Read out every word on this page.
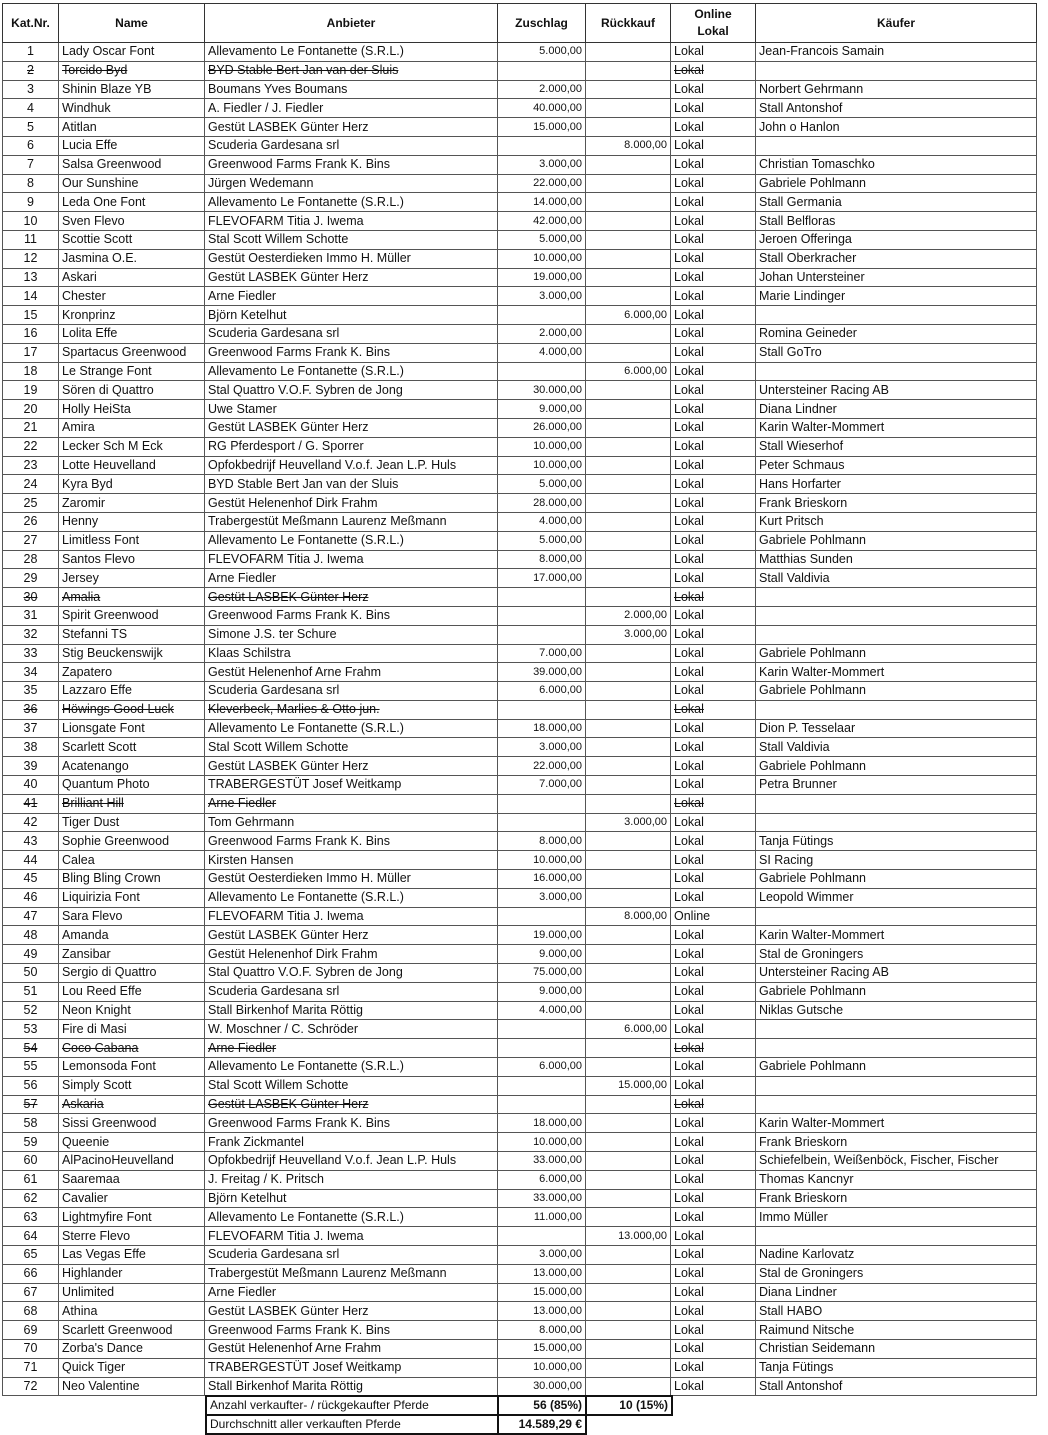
Kat.Nr.	Name	Anbieter	Zuschlag	Rückkauf	Online
Lokal	Käufer
1	Lady Oscar Font	Allevamento Le Fontanette (S.R.L.)	5.000,00		Lokal	Jean-Francois Samain
2	Torcido Byd	BYD Stable Bert Jan van der Sluis			Lokal	
3	Shinin Blaze YB	Boumans Yves Boumans	2.000,00		Lokal	Norbert Gehrmann
4	Windhuk	A. Fiedler / J. Fiedler	40.000,00		Lokal	Stall Antonshof
5	Atitlan	Gestüt LASBEK Günter Herz	15.000,00		Lokal	John o Hanlon
6	Lucia Effe	Scuderia Gardesana srl		8.000,00	Lokal	
7	Salsa Greenwood	Greenwood Farms Frank K. Bins	3.000,00		Lokal	Christian Tomaschko
8	Our Sunshine	Jürgen Wedemann	22.000,00		Lokal	Gabriele Pohlmann
9	Leda One Font	Allevamento Le Fontanette (S.R.L.)	14.000,00		Lokal	Stall Germania
10	Sven Flevo	FLEVOFARM Titia J. Iwema	42.000,00		Lokal	Stall Belfloras
11	Scottie Scott	Stal Scott Willem Schotte	5.000,00		Lokal	Jeroen Offeringa
12	Jasmina O.E.	Gestüt Oesterdieken Immo H. Müller	10.000,00		Lokal	Stall Oberkracher
13	Askari	Gestüt LASBEK Günter Herz	19.000,00		Lokal	Johan Untersteiner
14	Chester	Arne Fiedler	3.000,00		Lokal	Marie Lindinger
15	Kronprinz	Björn Ketelhut		6.000,00	Lokal	
16	Lolita Effe	Scuderia Gardesana srl	2.000,00		Lokal	Romina Geineder
17	Spartacus Greenwood	Greenwood Farms Frank K. Bins	4.000,00		Lokal	Stall GoTro
18	Le Strange Font	Allevamento Le Fontanette (S.R.L.)		6.000,00	Lokal	
19	Sören di Quattro	Stal Quattro V.O.F. Sybren de Jong	30.000,00		Lokal	Untersteiner Racing AB
20	Holly HeiSta	Uwe Stamer	9.000,00		Lokal	Diana Lindner
21	Amira	Gestüt LASBEK Günter Herz	26.000,00		Lokal	Karin Walter-Mommert
22	Lecker Sch M Eck	RG Pferdesport / G. Sporrer	10.000,00		Lokal	Stall Wieserhof
23	Lotte Heuvelland	Opfokbedrijf Heuvelland V.o.f. Jean L.P. Huls	10.000,00		Lokal	Peter Schmaus
24	Kyra Byd	BYD Stable Bert Jan van der Sluis	5.000,00		Lokal	Hans Horfarter
25	Zaromir	Gestüt Helenenhof Dirk Frahm	28.000,00		Lokal	Frank Brieskorn
26	Henny	Trabergestüt Meßmann Laurenz Meßmann	4.000,00		Lokal	Kurt Pritsch
27	Limitless Font	Allevamento Le Fontanette (S.R.L.)	5.000,00		Lokal	Gabriele Pohlmann
28	Santos Flevo	FLEVOFARM Titia J. Iwema	8.000,00		Lokal	Matthias Sunden
29	Jersey	Arne Fiedler	17.000,00		Lokal	Stall Valdivia
30	Amalia	Gestüt LASBEK Günter Herz			Lokal	
31	Spirit Greenwood	Greenwood Farms Frank K. Bins		2.000,00	Lokal	
32	Stefanni TS	Simone J.S. ter Schure		3.000,00	Lokal	
33	Stig Beuckenswijk	Klaas Schilstra	7.000,00		Lokal	Gabriele Pohlmann
34	Zapatero	Gestüt Helenenhof Arne Frahm	39.000,00		Lokal	Karin Walter-Mommert
35	Lazzaro Effe	Scuderia Gardesana srl	6.000,00		Lokal	Gabriele Pohlmann
36	Höwings Good Luck	Kleverbeck, Marlies & Otto jun.			Lokal	
37	Lionsgate Font	Allevamento Le Fontanette (S.R.L.)	18.000,00		Lokal	Dion P. Tesselaar
38	Scarlett Scott	Stal Scott Willem Schotte	3.000,00		Lokal	Stall Valdivia
39	Acatenango	Gestüt LASBEK Günter Herz	22.000,00		Lokal	Gabriele Pohlmann
40	Quantum Photo	TRABERGESTÜT Josef Weitkamp	7.000,00		Lokal	Petra Brunner
41	Brilliant Hill	Arne Fiedler			Lokal	
42	Tiger Dust	Tom Gehrmann		3.000,00	Lokal	
43	Sophie Greenwood	Greenwood Farms Frank K. Bins	8.000,00		Lokal	Tanja Fütings
44	Calea	Kirsten Hansen	10.000,00		Lokal	SI Racing
45	Bling Bling Crown	Gestüt Oesterdieken Immo H. Müller	16.000,00		Lokal	Gabriele Pohlmann
46	Liquirizia Font	Allevamento Le Fontanette (S.R.L.)	3.000,00		Lokal	Leopold Wimmer
47	Sara Flevo	FLEVOFARM Titia J. Iwema		8.000,00	Online	
48	Amanda	Gestüt LASBEK Günter Herz	19.000,00		Lokal	Karin Walter-Mommert
49	Zansibar	Gestüt Helenenhof Dirk Frahm	9.000,00		Lokal	Stal de Groningers
50	Sergio di Quattro	Stal Quattro V.O.F. Sybren de Jong	75.000,00		Lokal	Untersteiner Racing AB
51	Lou Reed Effe	Scuderia Gardesana srl	9.000,00		Lokal	Gabriele Pohlmann
52	Neon Knight	Stall Birkenhof Marita Röttig	4.000,00		Lokal	Niklas Gutsche
53	Fire di Masi	W. Moschner / C. Schröder		6.000,00	Lokal	
54	Coco Cabana	Arne Fiedler			Lokal	
55	Lemonsoda Font	Allevamento Le Fontanette (S.R.L.)	6.000,00		Lokal	Gabriele Pohlmann
56	Simply Scott	Stal Scott Willem Schotte		15.000,00	Lokal	
57	Askaria	Gestüt LASBEK Günter Herz			Lokal	
58	Sissi Greenwood	Greenwood Farms Frank K. Bins	18.000,00		Lokal	Karin Walter-Mommert
59	Queenie	Frank Zickmantel	10.000,00		Lokal	Frank Brieskorn
60	AlPacinoHeuvelland	Opfokbedrijf Heuvelland V.o.f. Jean L.P. Huls	33.000,00		Lokal	Schiefelbein, Weißenböck, Fischer, Fischer
61	Saaremaa	J. Freitag / K. Pritsch	6.000,00		Lokal	Thomas Kancnyr
62	Cavalier	Björn Ketelhut	33.000,00		Lokal	Frank Brieskorn
63	Lightmyfire Font	Allevamento Le Fontanette (S.R.L.)	11.000,00		Lokal	Immo Müller
64	Sterre Flevo	FLEVOFARM Titia J. Iwema		13.000,00	Lokal	
65	Las Vegas Effe	Scuderia Gardesana srl	3.000,00		Lokal	Nadine Karlovatz
66	Highlander	Trabergestüt Meßmann Laurenz Meßmann	13.000,00		Lokal	Stal de Groningers
67	Unlimited	Arne Fiedler	15.000,00		Lokal	Diana Lindner
68	Athina	Gestüt LASBEK Günter Herz	13.000,00		Lokal	Stall HABO
69	Scarlett Greenwood	Greenwood Farms Frank K. Bins	8.000,00		Lokal	Raimund Nitsche
70	Zorba's Dance	Gestüt Helenenhof Arne Frahm	15.000,00		Lokal	Christian Seidemann
71	Quick Tiger	TRABERGESTÜT Josef Weitkamp	10.000,00		Lokal	Tanja Fütings
72	Neo Valentine	Stall Birkenhof Marita Röttig	30.000,00		Lokal	Stall Antonshof
Anzahl verkaufter- / rückgekaufter Pferde	56 (85%)	10 (15%)
Durchschnitt aller verkauften Pferde	14.589,29 €	
